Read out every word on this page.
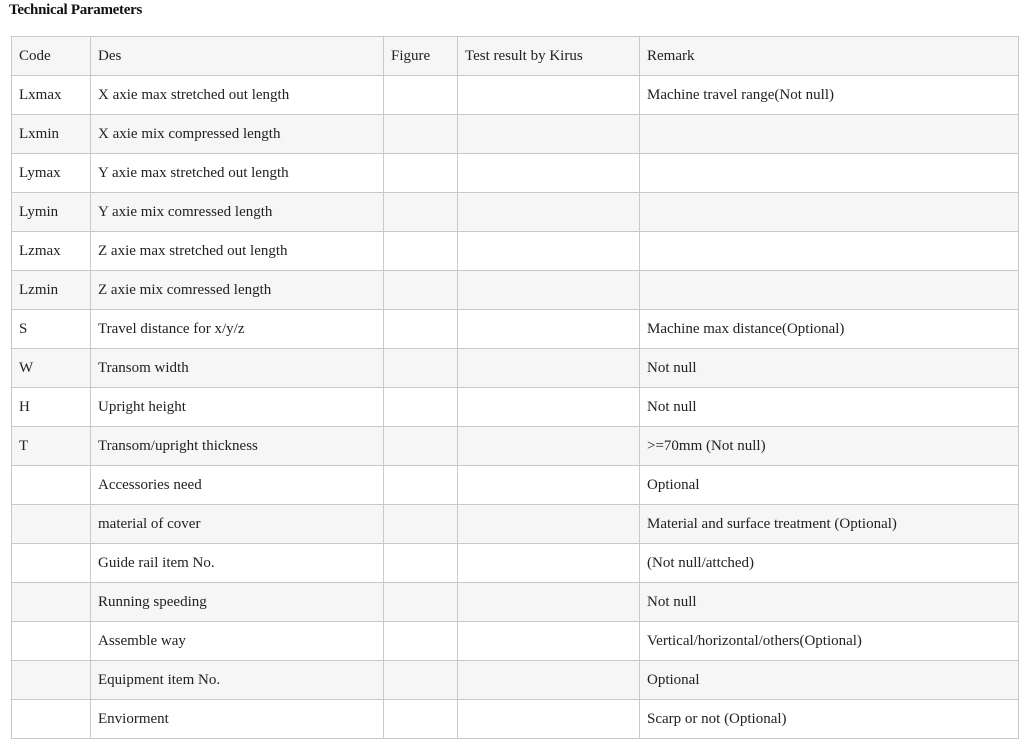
Technical Parameters
Code	Des	Figure	Test result by Kirus	Remark
Lxmax	X axie max stretched out length			Machine travel range(Not null)
Lxmin	X axie mix compressed length			
Lymax	Y axie max stretched out length			
Lymin	Y axie mix comressed length			
Lzmax	Z axie max stretched out length			
Lzmin	Z axie mix comressed length			
S	Travel distance for x/y/z			Machine max distance(Optional)
W	Transom width			Not null
H	Upright height			Not null
T	Transom/upright thickness			>=70mm (Not null)
	Accessories need			Optional
	material of cover			Material and surface treatment (Optional)
	Guide rail item No.			(Not null/attched)
	Running speeding			Not null
	Assemble way			Vertical/horizontal/others(Optional)
	Equipment item No.			Optional
	Enviorment			Scarp or not (Optional)
